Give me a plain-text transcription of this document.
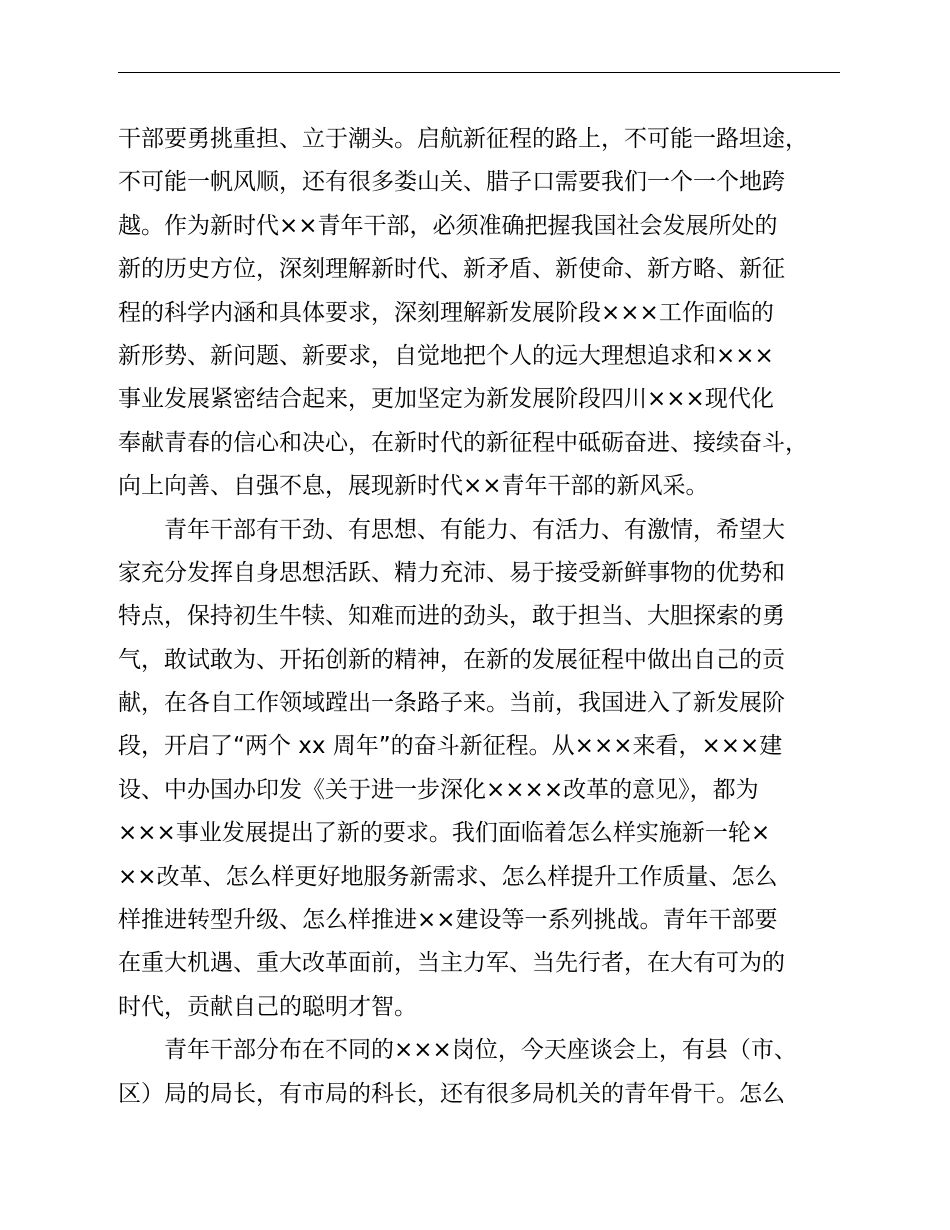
干部要勇挑重担、立于潮头。启航新征程的路上，不可能一路坦途，
不可能一帆风顺，还有很多娄山关、腊子口需要我们一个一个地跨
越。作为新时代××青年干部，必须准确把握我国社会发展所处的
新的历史方位，深刻理解新时代、新矛盾、新使命、新方略、新征
程的科学内涵和具体要求，深刻理解新发展阶段×××工作面临的
新形势、新问题、新要求，自觉地把个人的远大理想追求和×××
事业发展紧密结合起来，更加坚定为新发展阶段四川×××现代化
奉献青春的信心和决心，在新时代的新征程中砥砺奋进、接续奋斗，
向上向善、自强不息，展现新时代××青年干部的新风采。
青年干部有干劲、有思想、有能力、有活力、有激情，希望大
家充分发挥自身思想活跃、精力充沛、易于接受新鲜事物的优势和
特点，保持初生牛犊、知难而进的劲头，敢于担当、大胆探索的勇
气，敢试敢为、开拓创新的精神，在新的发展征程中做出自己的贡
献，在各自工作领域蹚出一条路子来。当前，我国进入了新发展阶
段，开启了“两个 xx 周年”的奋斗新征程。从×××来看，×××建
设、中办国办印发《关于进一步深化××××改革的意见》，都为
×××事业发展提出了新的要求。我们面临着怎么样实施新一轮×
××改革、怎么样更好地服务新需求、怎么样提升工作质量、怎么
样推进转型升级、怎么样推进××建设等一系列挑战。青年干部要
在重大机遇、重大改革面前，当主力军、当先行者，在大有可为的
时代，贡献自己的聪明才智。
青年干部分布在不同的×××岗位，今天座谈会上，有县（市、
区）局的局长，有市局的科长，还有很多局机关的青年骨干。怎么
